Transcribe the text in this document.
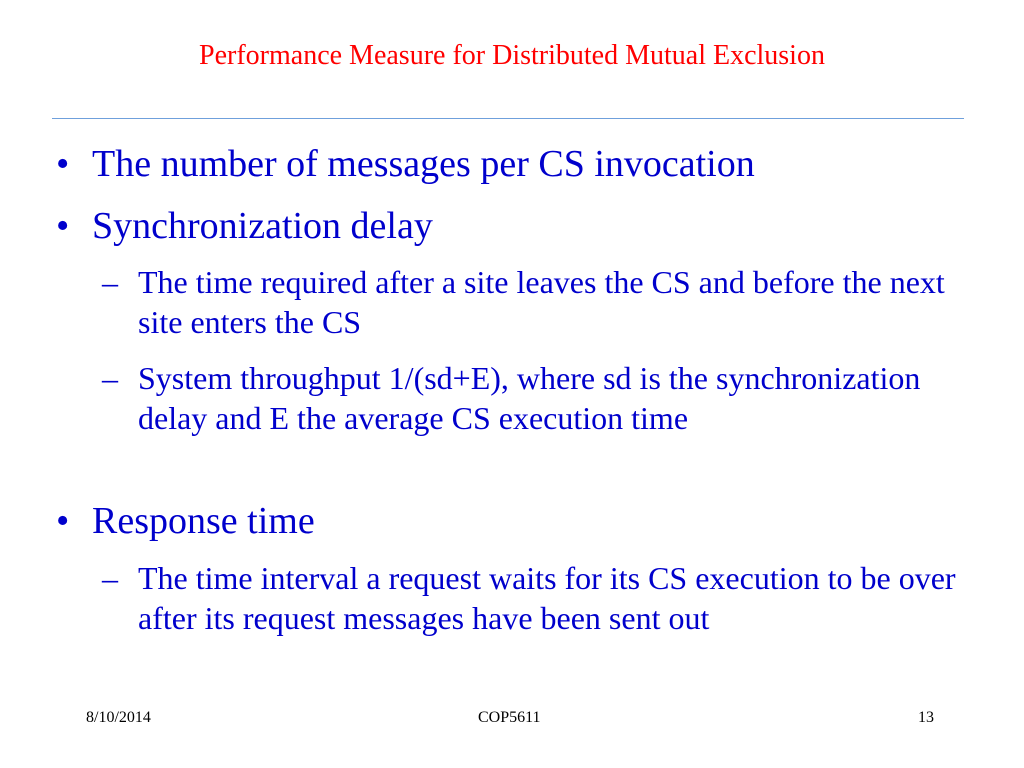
Performance Measure for Distributed Mutual Exclusion
• The number of messages per CS invocation
• Synchronization delay
– The time required after a site leaves the CS and before the next site enters the CS
– System throughput 1/(sd+E), where sd is the synchronization delay and E the average CS execution time
• Response time
– The time interval a request waits for its CS execution to be over after its request messages have been sent out
8/10/2014	COP5611	13
